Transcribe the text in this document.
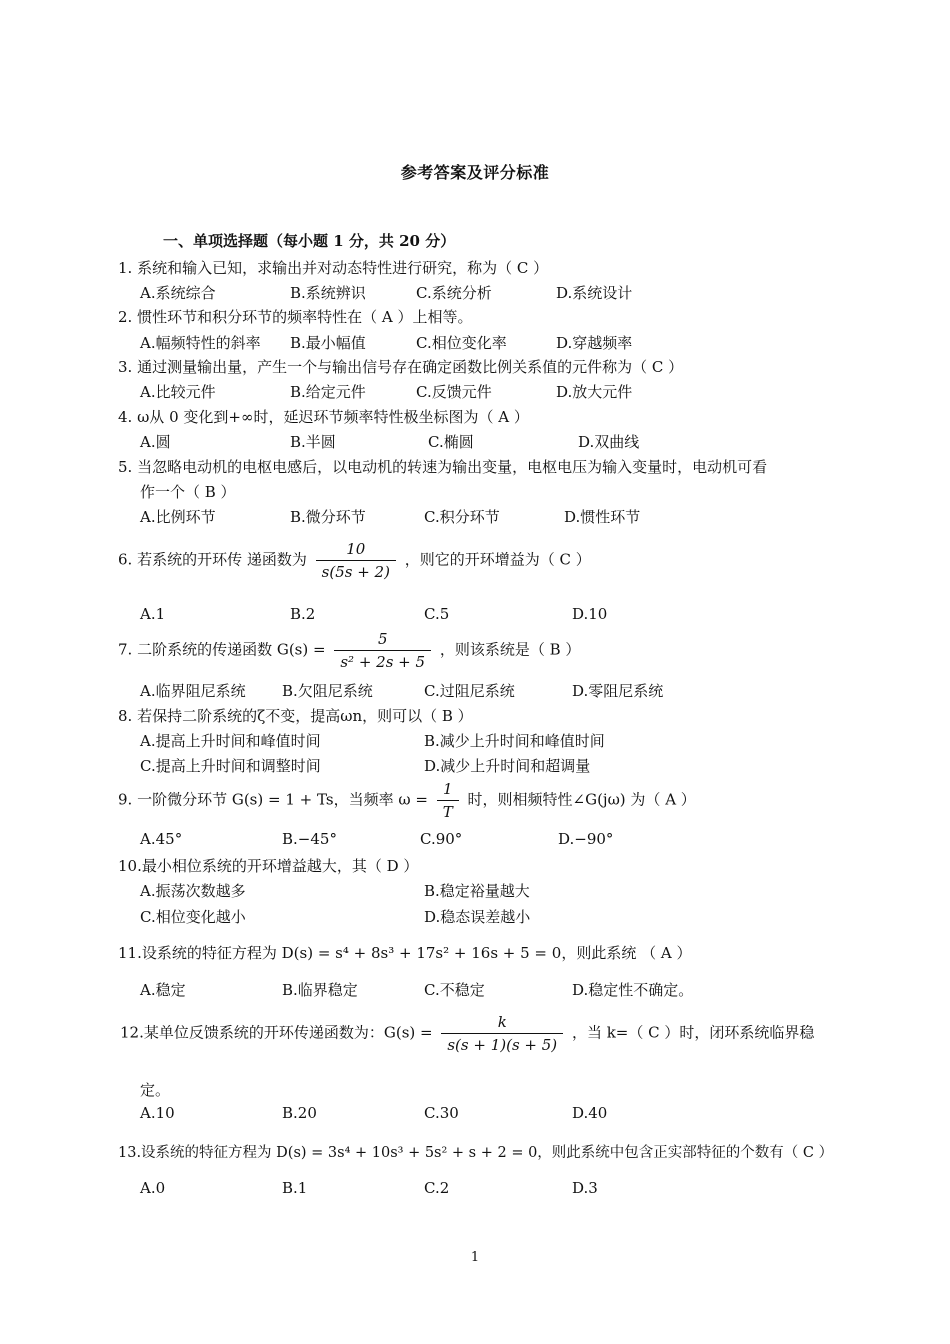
参考答案及评分标准
一、单项选择题（每小题 1 分，共 20 分）
1. 系统和输入已知，求输出并对动态特性进行研究，称为（ C ）
A.系统综合	B.系统辨识	C.系统分析	D.系统设计
2. 惯性环节和积分环节的频率特性在（ A ）上相等。
A.幅频特性的斜率 B.最小幅值	C.相位变化率	D.穿越频率
3. 通过测量输出量，产生一个与输出信号存在确定函数比例关系值的元件称为（ C ）
A.比较元件	B.给定元件	C.反馈元件	D.放大元件
4. ω从 0 变化到+∞时，延迟环节频率特性极坐标图为（ A ）
A.圆	B.半圆	C.椭圆	D.双曲线
5. 当忽略电动机的电枢电感后，以电动机的转速为输出变量，电枢电压为输入变量时，电动机可看
作一个（ B ）
A.比例环节	B.微分环节	C.积分环节	D.惯性环节
6. 若系统的开环传 递函数为 $\frac{10}{s(5s + 2)}$ ，则它的开环增益为（ C ）
A.1	B.2	C.5	D.10
7. 二阶系统的传递函数 $G(s) = \frac{5}{\text{s² + 2s + 5}}$ ，则该系统是（ B ）
A.临界阻尼系统 B.欠阻尼系统	C.过阻尼系统	D.零阻尼系统
8. 若保持二阶系统的ζ不变，提高ωn，则可以（ B ）
A.提高上升时间和峰值时间	B.减少上升时间和峰值时间
C.提高上升时间和调整时间	D.减少上升时间和超调量
9. 一阶微分环节 G(s) = 1 + Ts，当频率 $\omega = \frac{1}{T}$ 时，则相频特性∠G(jω) 为（ A ）
A.45°	B.−45°	C.90°	D.−90°
10.最小相位系统的开环增益越大，其（ D ）
A.振荡次数越多	B.稳定裕量越大
C.相位变化越小	D.稳态误差越小
11.设系统的特征方程为 D(s) = s⁴ + 8s³ + 17s² + 16s + 5 = 0，则此系统 （ A ）
A.稳定	B.临界稳定	C.不稳定	D.稳定性不确定。
12.某单位反馈系统的开环传递函数为：$G(s) = \frac{k}{s(s + 1)(s + 5)}$ ，当 k=（ C ）时，闭环系统临界稳
定。
A.10	B.20	C.30	D.40
13.设系统的特征方程为 D(s) = 3s⁴ + 10s³ + 5s² + s + 2 = 0，则此系统中包含正实部特征的个数有（ C ）
A.0	B.1	C.2	D.3
1
